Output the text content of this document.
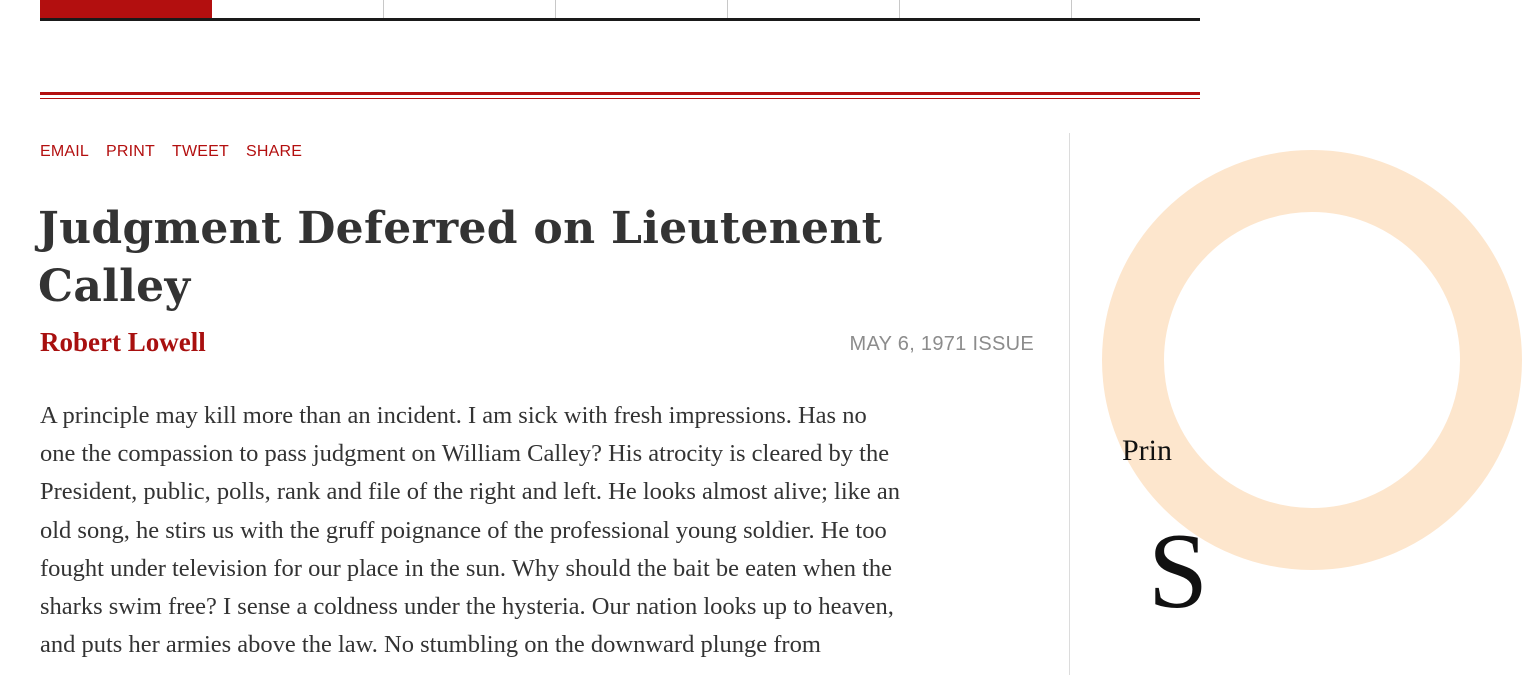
EMAIL PRINT TWEET SHARE
Judgment Deferred on Lieutenent Calley
Robert Lowell	MAY 6, 1971 ISSUE
A principle may kill more than an incident. I am sick with fresh impressions. Has no
one the compassion to pass judgment on William Calley? His atrocity is cleared by the
President, public, polls, rank and file of the right and left. He looks almost alive; like an
old song, he stirs us with the gruff poignance of the professional young soldier. He too
fought under television for our place in the sun. Why should the bait be eaten when the
sharks swim free? I sense a coldness under the hysteria. Our nation looks up to heaven,
and puts her armies above the law. No stumbling on the downward plunge from
Prin
S
